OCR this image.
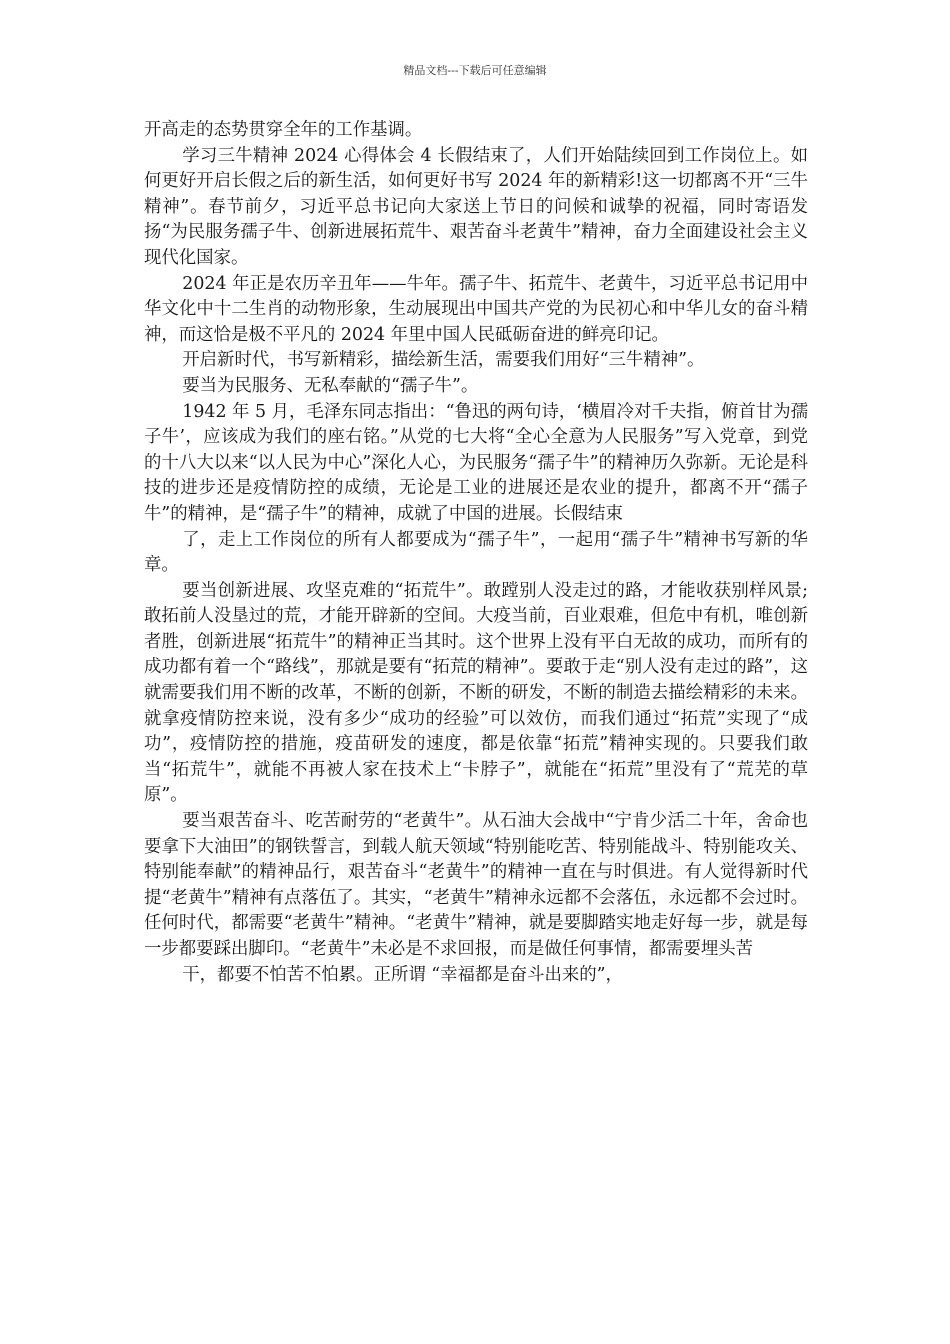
精品文档---下载后可任意编辑

开高走的态势贯穿全年的工作基调。

学习三牛精神 2024 心得体会 4 长假结束了，人们开始陆续回到工作岗位上。如何更好开启长假之后的新生活，如何更好书写 2024 年的新精彩!这一切都离不开“三牛精神”。春节前夕，习近平总书记向大家送上节日的问候和诚挚的祝福，同时寄语发扬“为民服务孺子牛、创新进展拓荒牛、艰苦奋斗老黄牛”精神，奋力全面建设社会主义现代化国家。

2024 年正是农历辛丑年——牛年。孺子牛、拓荒牛、老黄牛，习近平总书记用中华文化中十二生肖的动物形象，生动展现出中国共产党的为民初心和中华儿女的奋斗精神，而这恰是极不平凡的 2024 年里中国人民砥砺奋进的鲜亮印记。

开启新时代，书写新精彩，描绘新生活，需要我们用好“三牛精神”。

要当为民服务、无私奉献的“孺子牛”。

1942 年 5 月，毛泽东同志指出：“鲁迅的两句诗，‘横眉冷对千夫指，俯首甘为孺子牛’，应该成为我们的座右铭。”从党的七大将“全心全意为人民服务”写入党章，到党的十八大以来“以人民为中心”深化人心，为民服务“孺子牛”的精神历久弥新。无论是科技的进步还是疫情防控的成绩，无论是工业的进展还是农业的提升，都离不开“孺子牛”的精神，是“孺子牛”的精神，成就了中国的进展。长假结束

了，走上工作岗位的所有人都要成为“孺子牛”，一起用“孺子牛”精神书写新的华章。

要当创新进展、攻坚克难的“拓荒牛”。敢蹚别人没走过的路，才能收获别样风景;敢拓前人没垦过的荒，才能开辟新的空间。大疫当前，百业艰难，但危中有机，唯创新者胜，创新进展“拓荒牛”的精神正当其时。这个世界上没有平白无故的成功，而所有的成功都有着一个“路线”，那就是要有“拓荒的精神”。要敢于走“别人没有走过的路”，这就需要我们用不断的改革，不断的创新，不断的研发，不断的制造去描绘精彩的未来。就拿疫情防控来说，没有多少“成功的经验”可以效仿，而我们通过“拓荒”实现了“成功”，疫情防控的措施，疫苗研发的速度，都是依靠“拓荒”精神实现的。只要我们敢当“拓荒牛”，就能不再被人家在技术上“卡脖子”，就能在“拓荒”里没有了“荒芜的草原”。

要当艰苦奋斗、吃苦耐劳的“老黄牛”。从石油大会战中“宁肯少活二十年，舍命也要拿下大油田”的钢铁誓言，到载人航天领域“特别能吃苦、特别能战斗、特别能攻关、特别能奉献”的精神品行，艰苦奋斗“老黄牛”的精神一直在与时俱进。有人觉得新时代提“老黄牛”精神有点落伍了。其实，“老黄牛”精神永远都不会落伍，永远都不会过时。任何时代，都需要“老黄牛”精神。“老黄牛”精神，就是要脚踏实地走好每一步，就是每一步都要踩出脚印。“老黄牛”未必是不求回报，而是做任何事情，都需要埋头苦

干，都要不怕苦不怕累。正所谓 “幸福都是奋斗出来的”，
